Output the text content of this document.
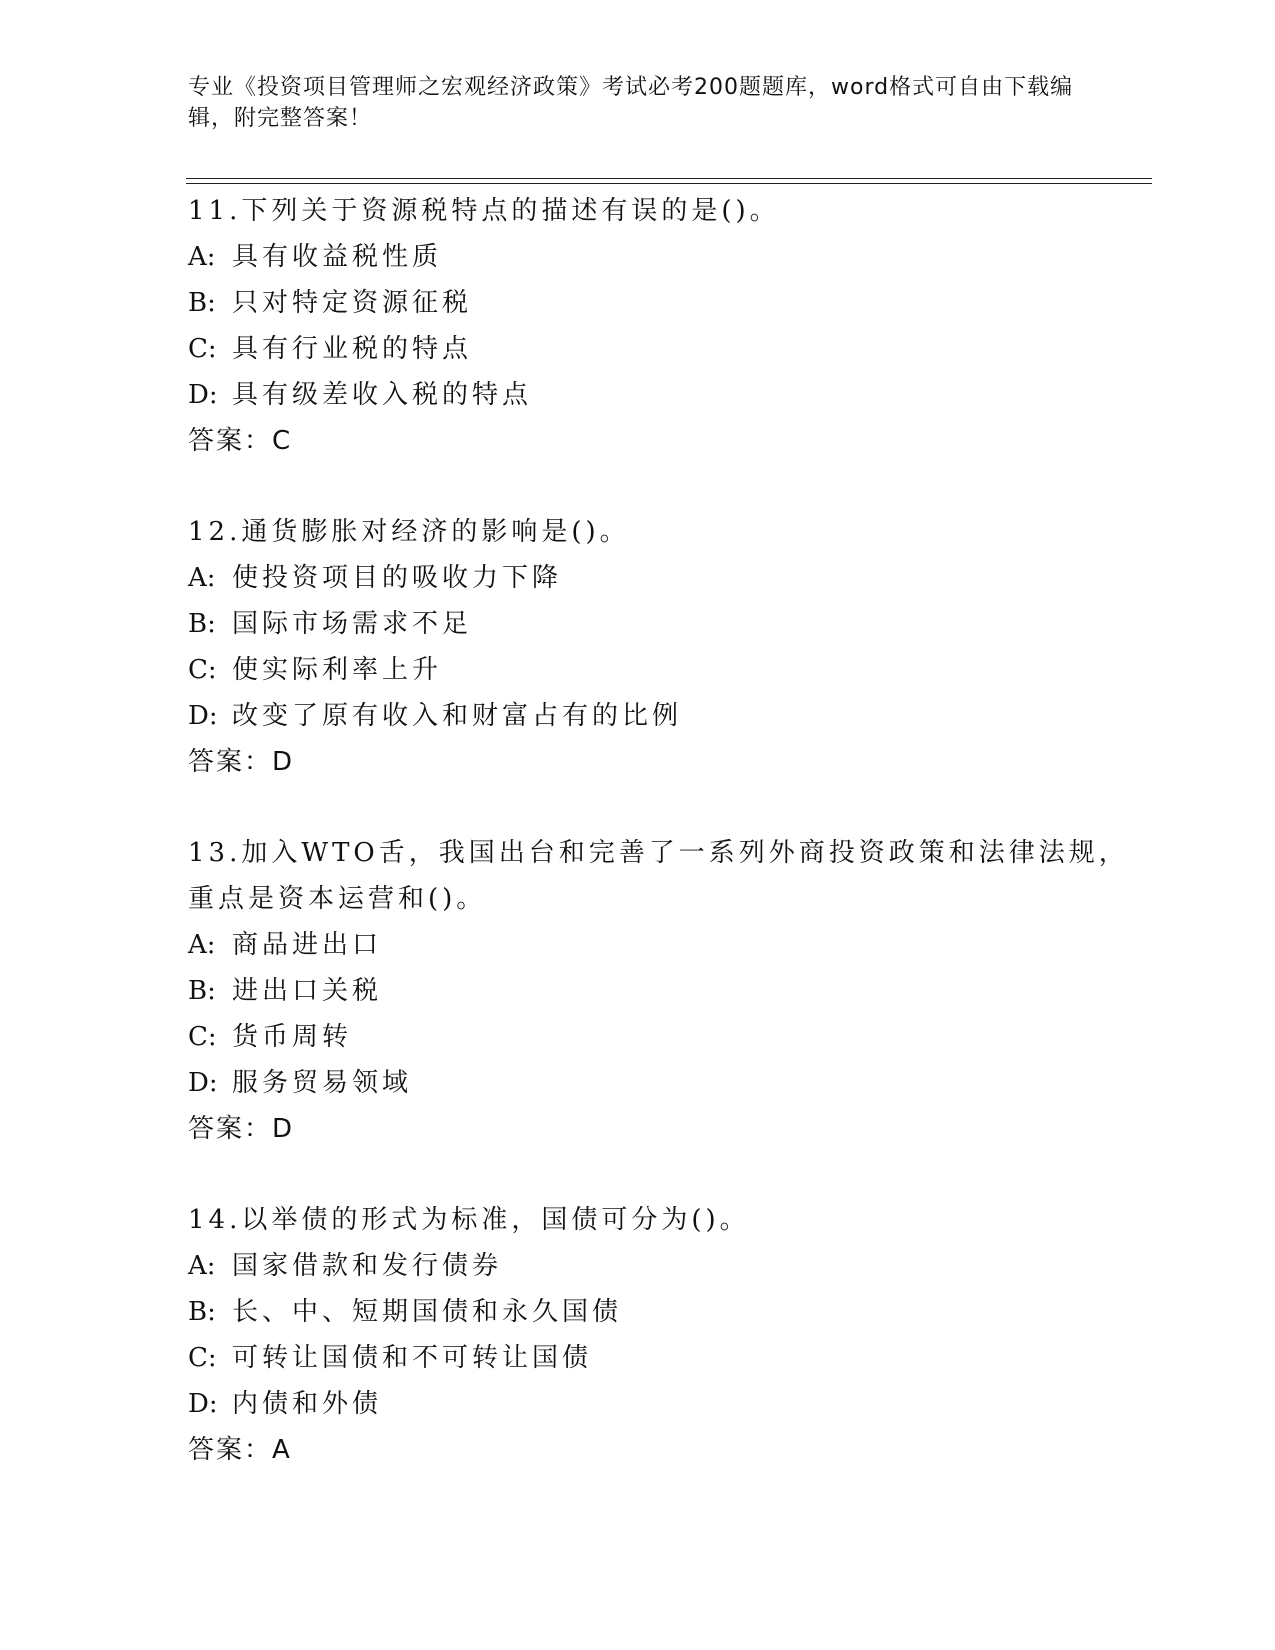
专业《投资项目管理师之宏观经济政策》考试必考200题题库，word格式可自由下载编辑，附完整答案！
11.下列关于资源税特点的描述有误的是()。
A: 具有收益税性质
B: 只对特定资源征税
C: 具有行业税的特点
D: 具有级差收入税的特点
答案：C
12.通货膨胀对经济的影响是()。
A: 使投资项目的吸收力下降
B: 国际市场需求不足
C: 使实际利率上升
D: 改变了原有收入和财富占有的比例
答案：D
13.加入WTO舌，我国出台和完善了一系列外商投资政策和法律法规，
重点是资本运营和()。
A: 商品进出口
B: 进出口关税
C: 货币周转
D: 服务贸易领域
答案：D
14.以举债的形式为标准，国债可分为()。
A: 国家借款和发行债券
B: 长、中、短期国债和永久国债
C: 可转让国债和不可转让国债
D: 内债和外债
答案：A
